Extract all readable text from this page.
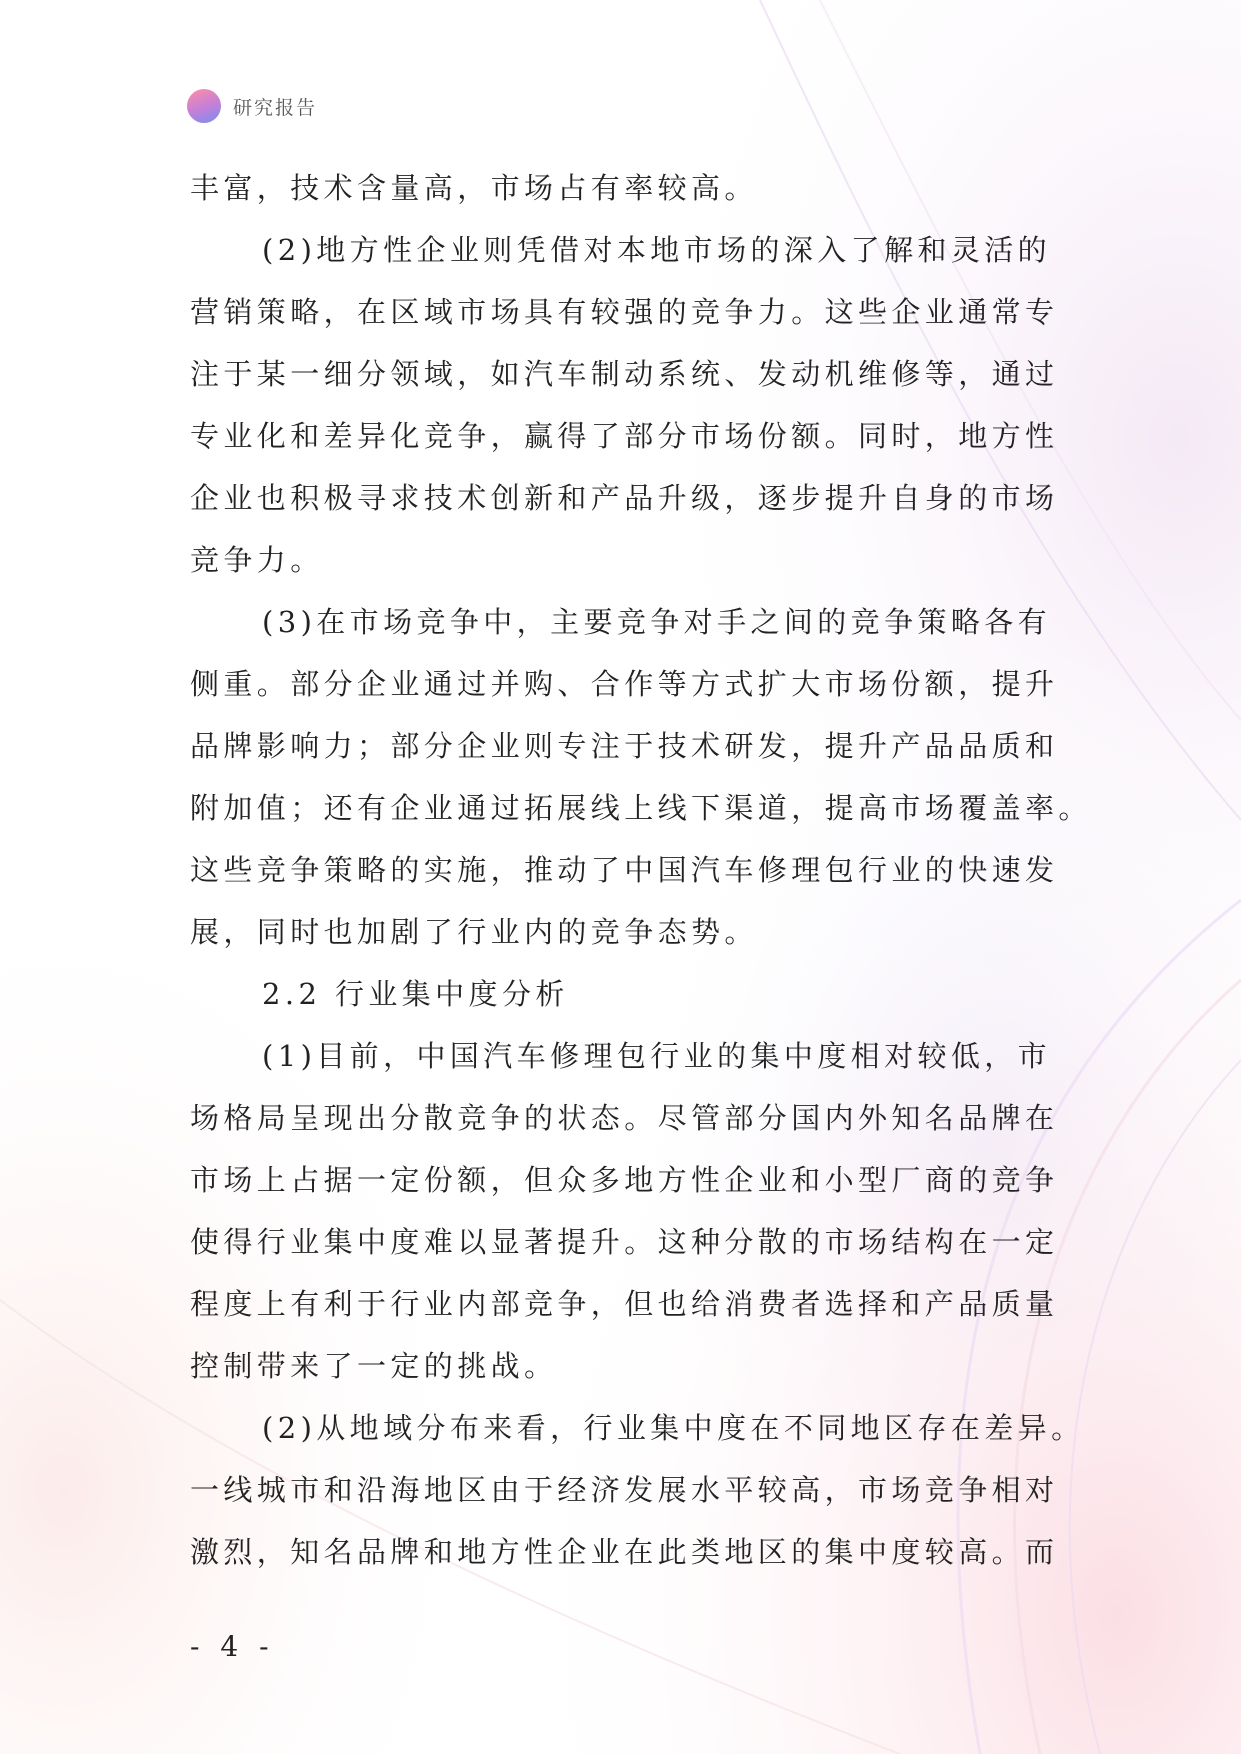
研究报告
丰富，技术含量高，市场占有率较高。
(2)地方性企业则凭借对本地市场的深入了解和灵活的
营销策略，在区域市场具有较强的竞争力。这些企业通常专
注于某一细分领域，如汽车制动系统、发动机维修等，通过
专业化和差异化竞争，赢得了部分市场份额。同时，地方性
企业也积极寻求技术创新和产品升级，逐步提升自身的市场
竞争力。
(3)在市场竞争中，主要竞争对手之间的竞争策略各有
侧重。部分企业通过并购、合作等方式扩大市场份额，提升
品牌影响力；部分企业则专注于技术研发，提升产品品质和
附加值；还有企业通过拓展线上线下渠道，提高市场覆盖率。
这些竞争策略的实施，推动了中国汽车修理包行业的快速发
展，同时也加剧了行业内的竞争态势。
2.2 行业集中度分析
(1)目前，中国汽车修理包行业的集中度相对较低，市
场格局呈现出分散竞争的状态。尽管部分国内外知名品牌在
市场上占据一定份额，但众多地方性企业和小型厂商的竞争
使得行业集中度难以显著提升。这种分散的市场结构在一定
程度上有利于行业内部竞争，但也给消费者选择和产品质量
控制带来了一定的挑战。
(2)从地域分布来看，行业集中度在不同地区存在差异。
一线城市和沿海地区由于经济发展水平较高，市场竞争相对
激烈，知名品牌和地方性企业在此类地区的集中度较高。而
- 4 -
